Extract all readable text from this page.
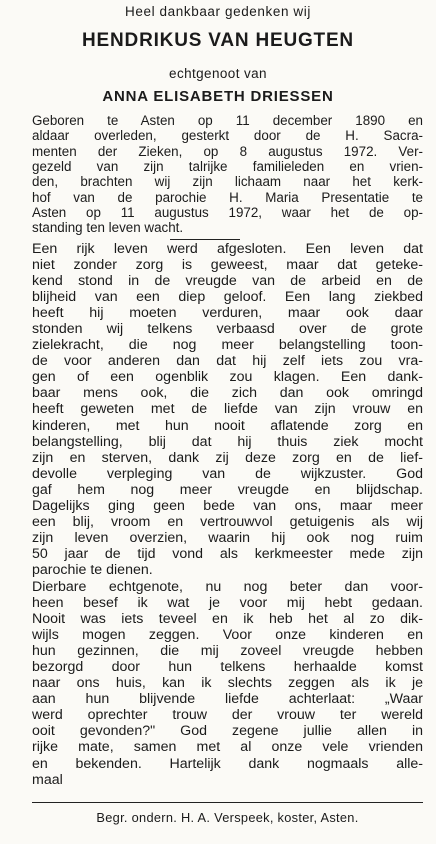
Heel dankbaar gedenken wij
HENDRIKUS VAN HEUGTEN
echtgenoot van
ANNA ELISABETH DRIESSEN
Geboren te Asten op 11 december 1890 en
aldaar overleden, gesterkt door de H. Sacra-
menten der Zieken, op 8 augustus 1972. Ver-
gezeld van zijn talrijke familieleden en vrien-
den, brachten wij zijn lichaam naar het kerk-
hof van de parochie H. Maria Presentatie te
Asten op 11 augustus 1972, waar het de op-
standing ten leven wacht.
Een rijk leven werd afgesloten. Een leven dat
niet zonder zorg is geweest, maar dat geteke-
kend stond in de vreugde van de arbeid en de
blijheid van een diep geloof. Een lang ziekbed
heeft hij moeten verduren, maar ook daar
stonden wij telkens verbaasd over de grote
zielekracht, die nog meer belangstelling toon-
de voor anderen dan dat hij zelf iets zou vra-
gen of een ogenblik zou klagen. Een dank-
baar mens ook, die zich dan ook omringd
heeft geweten met de liefde van zijn vrouw en
kinderen, met hun nooit aflatende zorg en
belangstelling, blij dat hij thuis ziek mocht
zijn en sterven, dank zij deze zorg en de lief-
devolle verpleging van de wijkzuster. God
gaf hem nog meer vreugde en blijdschap.
Dagelijks ging geen bede van ons, maar meer
een blij, vroom en vertrouwvol getuigenis als wij
zijn leven overzien, waarin hij ook nog ruim
50 jaar de tijd vond als kerkmeester mede zijn
parochie te dienen.
Dierbare echtgenote, nu nog beter dan voor-
heen besef ik wat je voor mij hebt gedaan.
Nooit was iets teveel en ik heb het al zo dik-
wijls mogen zeggen. Voor onze kinderen en
hun gezinnen, die mij zoveel vreugde hebben
bezorgd door hun telkens herhaalde komst
naar ons huis, kan ik slechts zeggen als ik je
aan hun blijvende liefde achterlaat: „Waar
werd oprechter trouw der vrouw ter wereld
ooit gevonden?" God zegene jullie allen in
rijke mate, samen met al onze vele vrienden
en bekenden. Hartelijk dank nogmaals alle-
maal
Begr. ondern. H. A. Verspeek, koster, Asten.
